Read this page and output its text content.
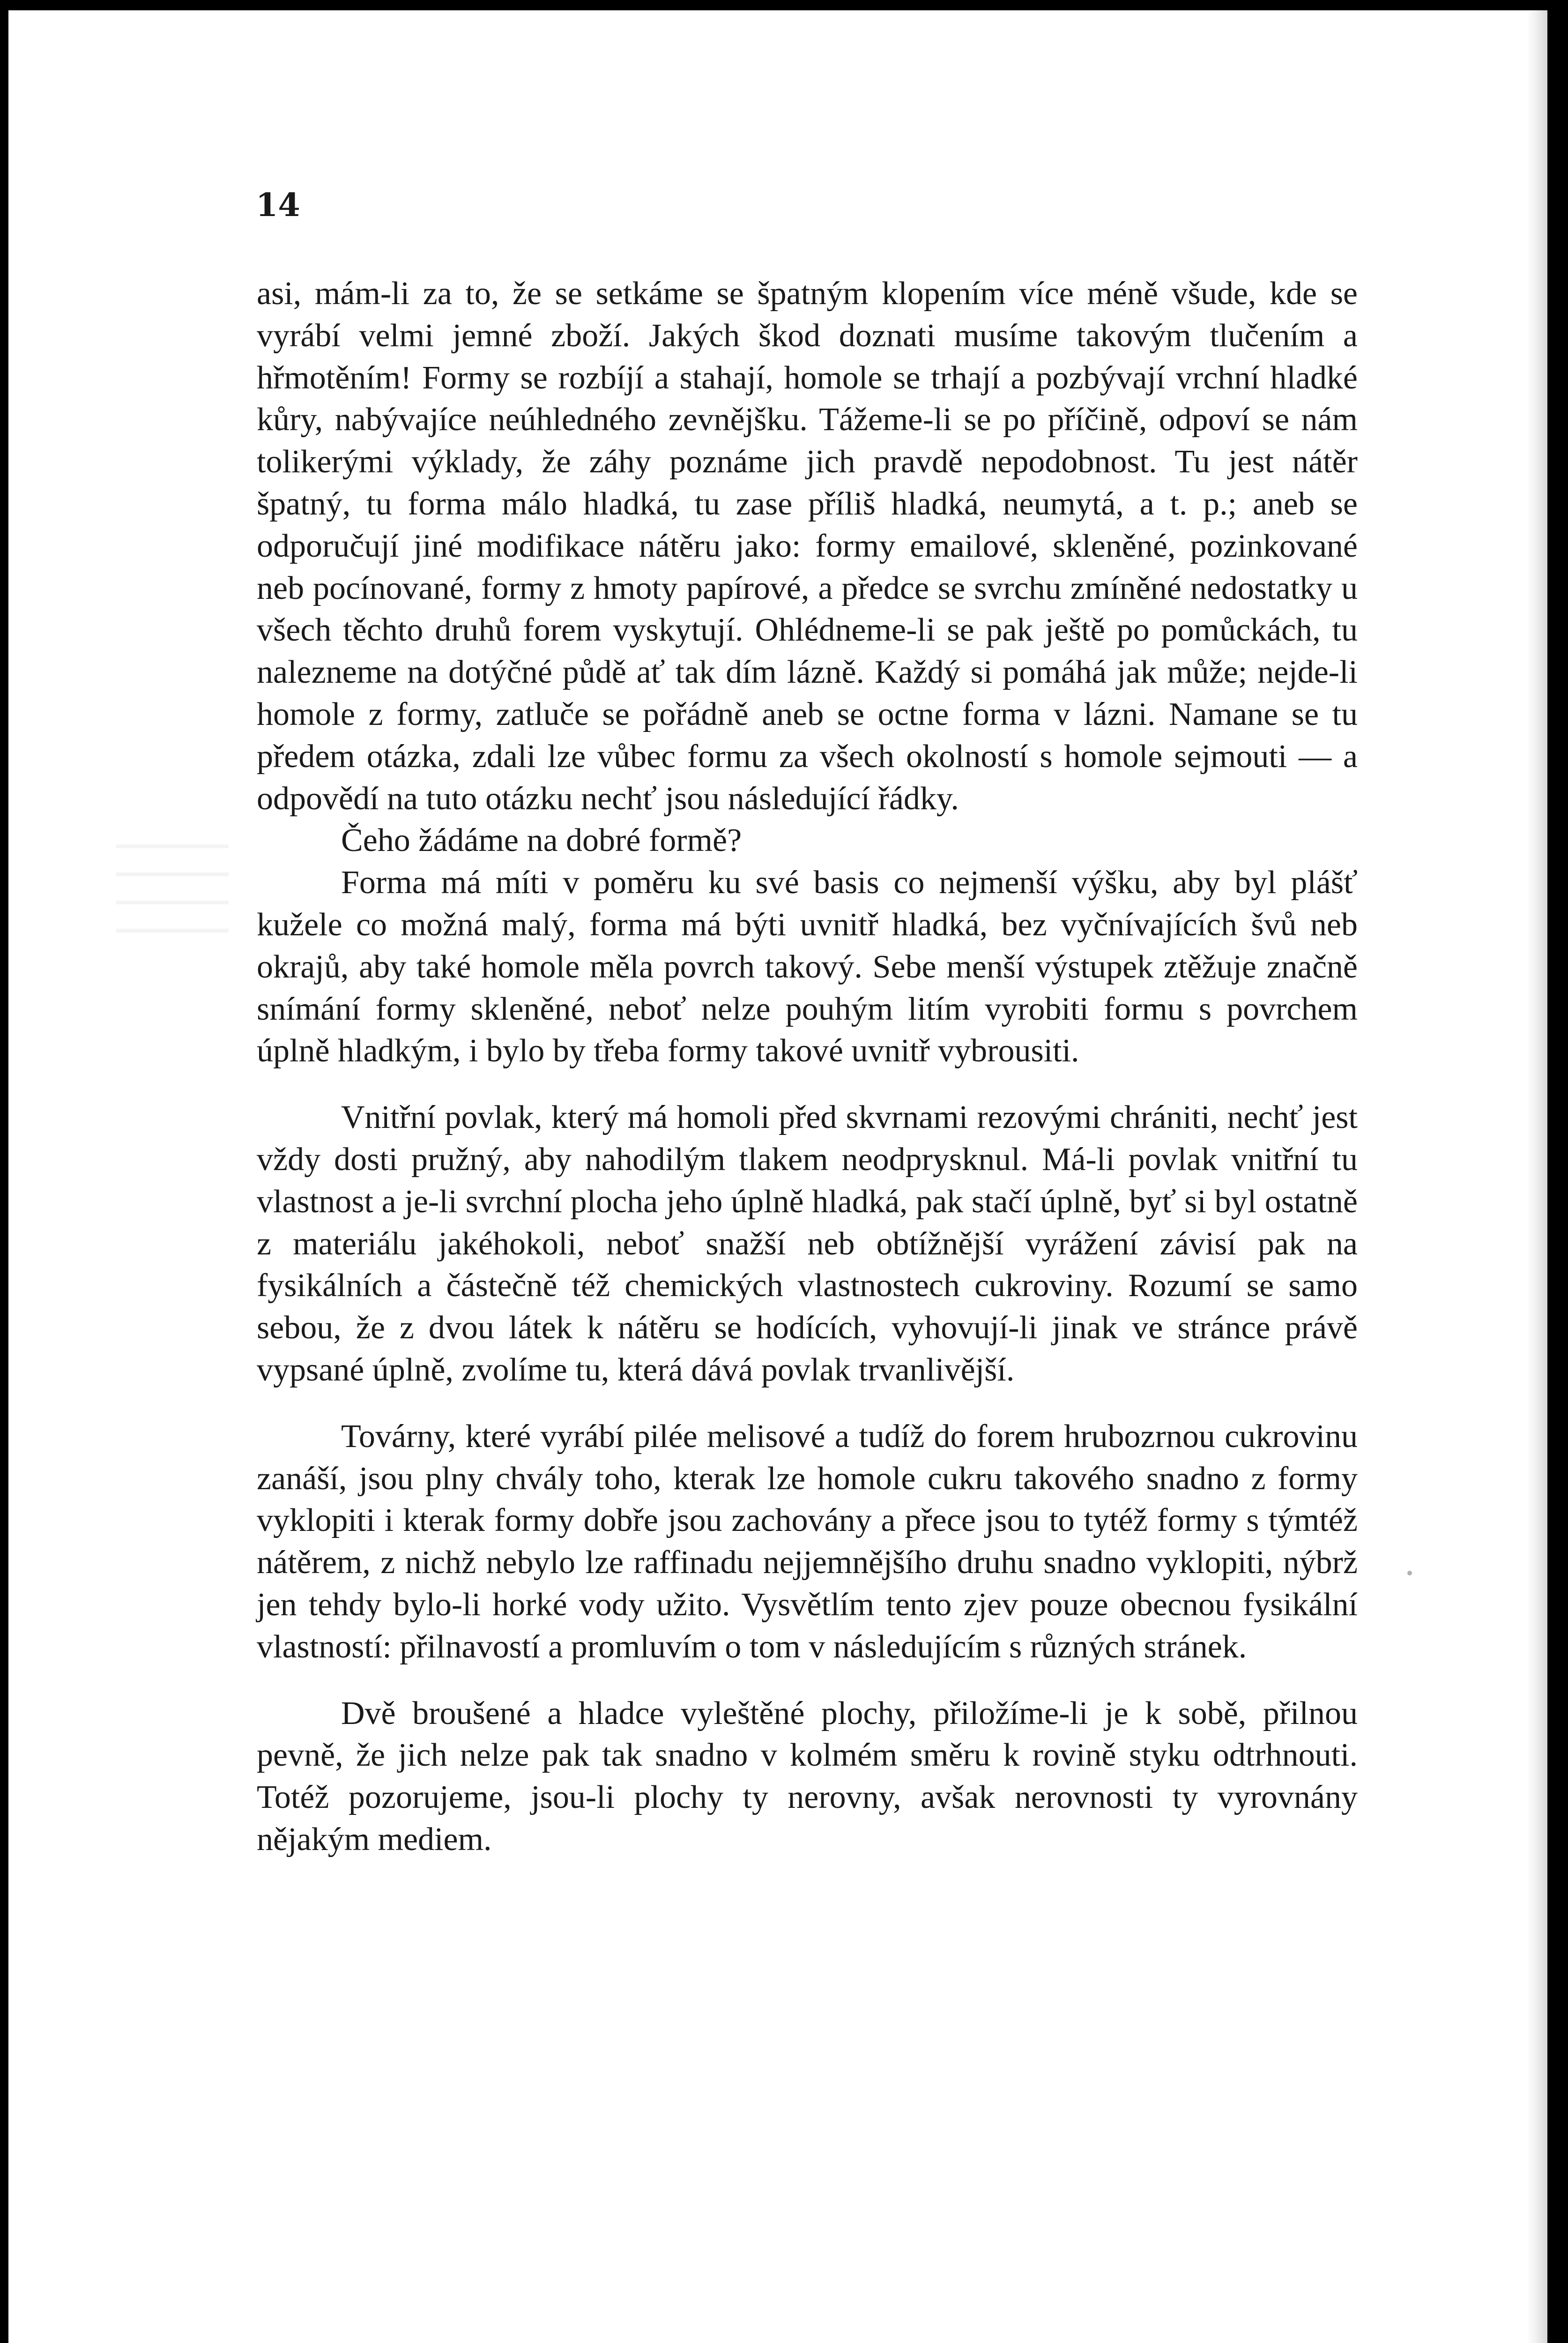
14

asi, mám-li za to, že se setkáme se špatným klopením více méně všude, kde se vyrábí velmi jemné zboží. Jakých škod doznati musíme takovým tlučením a hřmotěním! Formy se rozbíjí a stahají, homole se trhají a pozbývají vrchní hladké kůry, nabývajíce neúhledného zevnějšku. Tážeme-li se po příčině, odpoví se nám tolikerými výklady, že záhy poznáme jich pravdě nepodobnost. Tu jest nátěr špatný, tu forma málo hladká, tu zase příliš hladká, neumytá, a t. p.; aneb se odporučují jiné modifikace nátěru jako: formy emailové, skleněné, pozinkované neb pocínované, formy z hmoty papírové, a předce se svrchu zmíněné nedostatky u všech těchto druhů forem vyskytují. Ohlédneme-li se pak ještě po pomůckách, tu nalezneme na dotýčné půdě ať tak dím lázně. Každý si pomáhá jak může; nejde-li homole z formy, zatluče se pořádně aneb se octne forma v lázni. Namane se tu předem otázka, zdali lze vůbec formu za všech okolností s homole sejmouti — a odpovědí na tuto otázku nechť jsou následující řádky.

Čeho žádáme na dobré formě?

Forma má míti v poměru ku své basis co nejmenší výšku, aby byl plášť kužele co možná malý, forma má býti uvnitř hladká, bez vyčnívajících švů neb okrajů, aby také homole měla povrch takový. Sebe menší výstupek ztěžuje značně snímání formy skleněné, neboť nelze pouhým litím vyrobiti formu s povrchem úplně hladkým, i bylo by třeba formy takové uvnitř vybrousiti.

Vnitřní povlak, který má homoli před skvrnami rezovými chrániti, nechť jest vždy dosti pružný, aby nahodilým tlakem neodprysknul. Má-li povlak vnitřní tu vlastnost a je-li svrchní plocha jeho úplně hladká, pak stačí úplně, byť si byl ostatně z materiálu jakéhokoli, neboť snažší neb obtížnější vyrážení závisí pak na fysikálních a částečně též chemických vlastnostech cukroviny. Rozumí se samo sebou, že z dvou látek k nátěru se hodících, vyhovují-li jinak ve stránce právě vypsané úplně, zvolíme tu, která dává povlak trvanlivější.

Továrny, které vyrábí pilée melisové a tudíž do forem hrubozrnou cukrovinu zanáší, jsou plny chvály toho, kterak lze homole cukru takového snadno z formy vyklopiti i kterak formy dobře jsou zachovány a přece jsou to tytéž formy s týmtéž nátěrem, z nichž nebylo lze raffinadu nejjemnějšího druhu snadno vyklopiti, nýbrž jen tehdy bylo-li horké vody užito. Vysvětlím tento zjev pouze obecnou fysikální vlastností: přilnavostí a promluvím o tom v následujícím s různých stránek.

Dvě broušené a hladce vyleštěné plochy, přiložíme-li je k sobě, přilnou pevně, že jich nelze pak tak snadno v kolmém směru k rovině styku odtrhnouti. Totéž pozorujeme, jsou-li plochy ty nerovny, avšak nerovnosti ty vyrovnány nějakým mediem.
